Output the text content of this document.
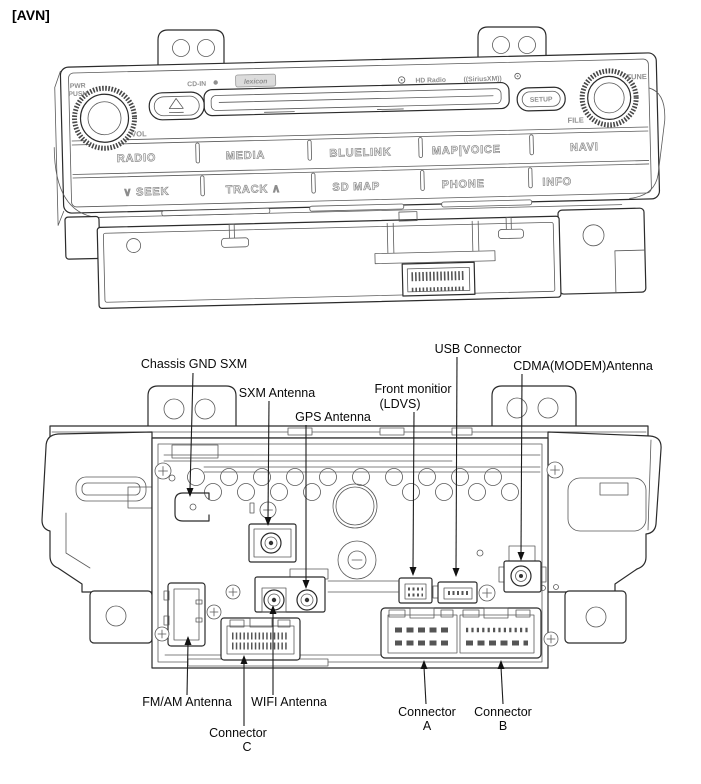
[AVN]
PWR
PUSH
VOL
CD-IN	lexicon	HD Radio	((SiriusXM))
SETUP
TUNE
FILE
RADIO	MEDIA	BLUELINK	MAP|VOICE	NAVI
∨ SEEK	TRACK ∧	SD MAP	PHONE	INFO
Chassis GND SXM
SXM Antenna
GPS Antenna
Front monitior
(LDVS)
USB Connector
CDMA(MODEM)Antenna
FM/AM Antenna WIFI Antenna
Connector
C
Connector
A
Connector
B
